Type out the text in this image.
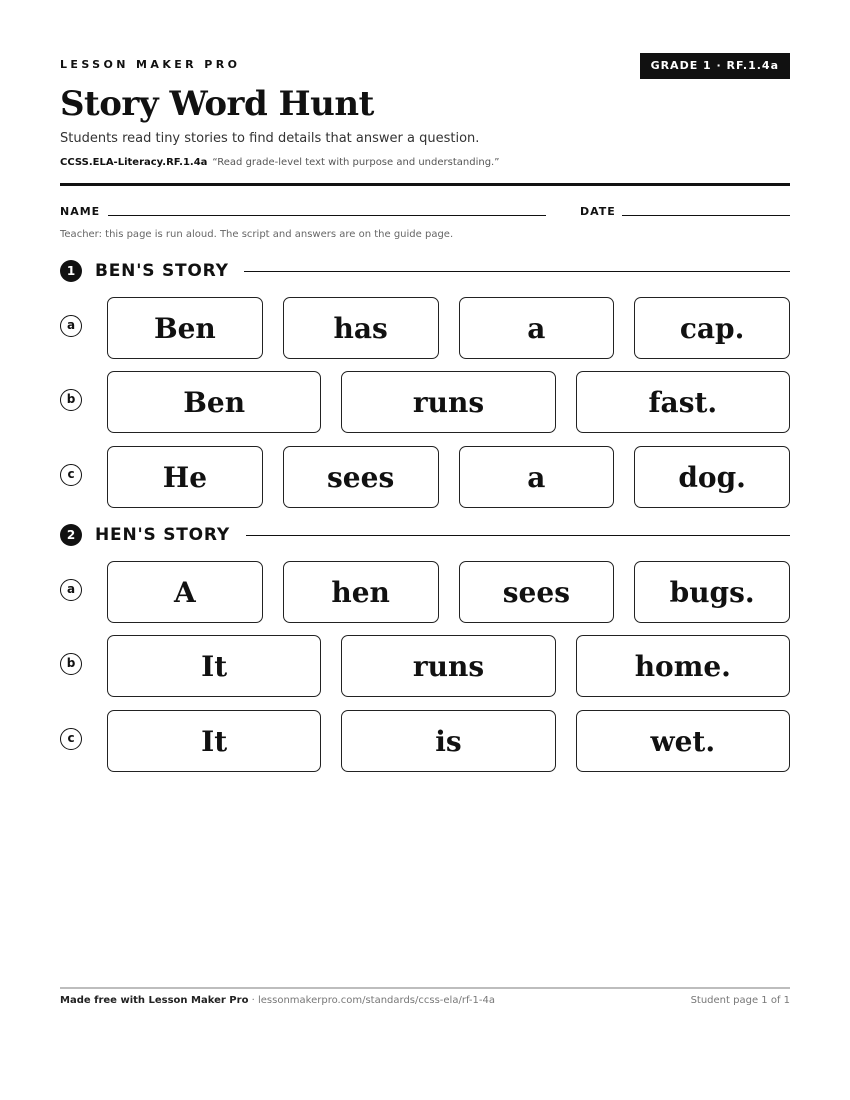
LESSON MAKER PRO	GRADE 1 · RF.1.4a
Story Word Hunt
Students read tiny stories to find details that answer a question.
CCSS.ELA-Literacy.RF.1.4a “Read grade-level text with purpose and understanding.”
NAME	DATE
Teacher: this page is run aloud. The script and answers are on the guide page.
1	BEN'S STORY
a	Ben	has	a	cap.
b	Ben	runs	fast.
c	He	sees	a	dog.
2	HEN'S STORY
a	A	hen	sees	bugs.
b	It	runs	home.
c	It	is	wet.
Made free with Lesson Maker Pro · lessonmakerpro.com/standards/ccss-ela/rf-1-4a	Student page 1 of 1
